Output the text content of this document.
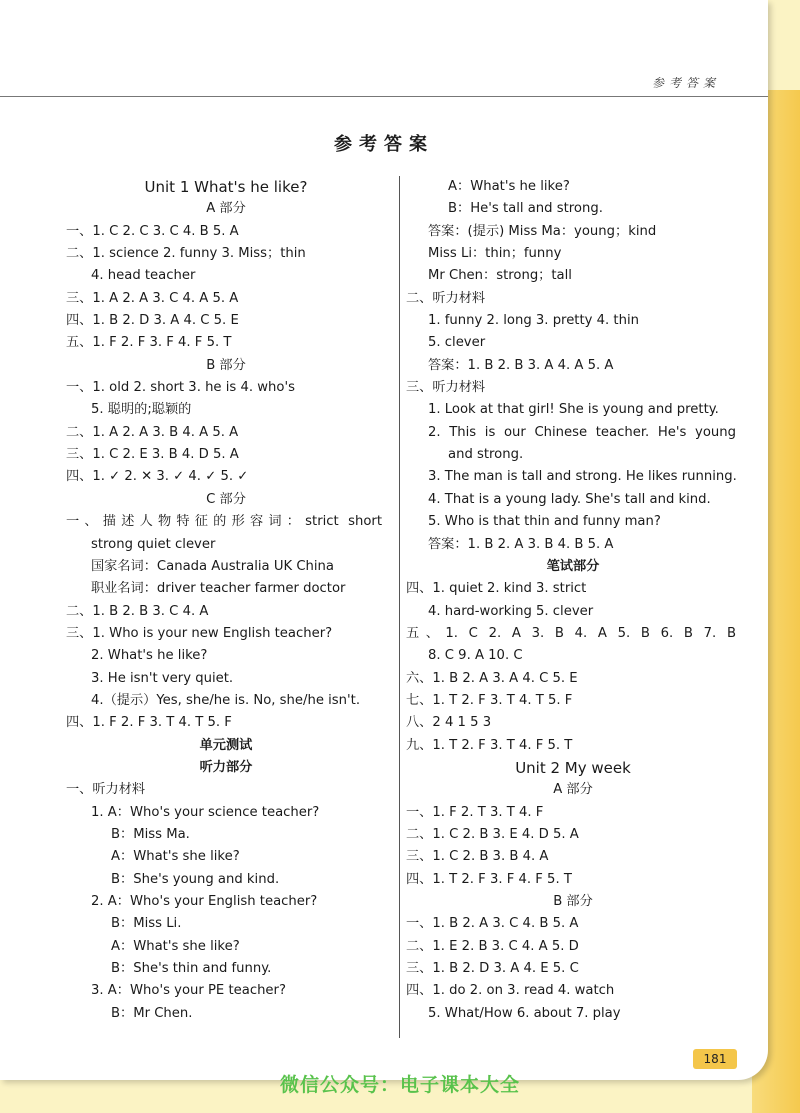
参考答案
参考答案
Unit 1 What's he like?
A 部分
一、1. C 2. C 3. C 4. B 5. A
二、1. science 2. funny 3. Miss；thin
4. head teacher
三、1. A 2. A 3. C 4. A 5. A
四、1. B 2. D 3. A 4. C 5. E
五、1. F 2. F 3. F 4. F 5. T
B 部分
一、1. old 2. short 3. he is 4. who's
5. 聪明的;聪颖的
二、1. A 2. A 3. B 4. A 5. A
三、1. C 2. E 3. B 4. D 5. A
四、1. ✓ 2. ✕ 3. ✓ 4. ✓ 5. ✓
C 部分
一、描述人物特征的形容词：strict short
strong quiet clever
国家名词：Canada Australia UK China
职业名词：driver teacher farmer doctor
二、1. B 2. B 3. C 4. A
三、1. Who is your new English teacher?
2. What's he like?
3. He isn't very quiet.
4.（提示）Yes, she/he is. No, she/he isn't.
四、1. F 2. F 3. T 4. T 5. F
单元测试
听力部分
一、听力材料
1. A：Who's your science teacher?
B：Miss Ma.
A：What's she like?
B：She's young and kind.
2. A：Who's your English teacher?
B：Miss Li.
A：What's she like?
B：She's thin and funny.
3. A：Who's your PE teacher?
B：Mr Chen.
A：What's he like?
B：He's tall and strong.
答案：(提示) Miss Ma：young；kind
Miss Li：thin；funny
Mr Chen：strong；tall
二、听力材料
1. funny 2. long 3. pretty 4. thin
5. clever
答案：1. B 2. B 3. A 4. A 5. A
三、听力材料
1. Look at that girl! She is young and pretty.
2. This is our Chinese teacher. He's young
and strong.
3. The man is tall and strong. He likes running.
4. That is a young lady. She's tall and kind.
5. Who is that thin and funny man?
答案：1. B 2. A 3. B 4. B 5. A
笔试部分
四、1. quiet 2. kind 3. strict
4. hard-working 5. clever
五、1. C 2. A 3. B 4. A 5. B 6. B 7. B
8. C 9. A 10. C
六、1. B 2. A 3. A 4. C 5. E
七、1. T 2. F 3. T 4. T 5. F
八、2 4 1 5 3
九、1. T 2. F 3. T 4. F 5. T
Unit 2 My week
A 部分
一、1. F 2. T 3. T 4. F
二、1. C 2. B 3. E 4. D 5. A
三、1. C 2. B 3. B 4. A
四、1. T 2. F 3. F 4. F 5. T
B 部分
一、1. B 2. A 3. C 4. B 5. A
二、1. E 2. B 3. C 4. A 5. D
三、1. B 2. D 3. A 4. E 5. C
四、1. do 2. on 3. read 4. watch
5. What/How 6. about 7. play
181
微信公众号：电子课本大全
